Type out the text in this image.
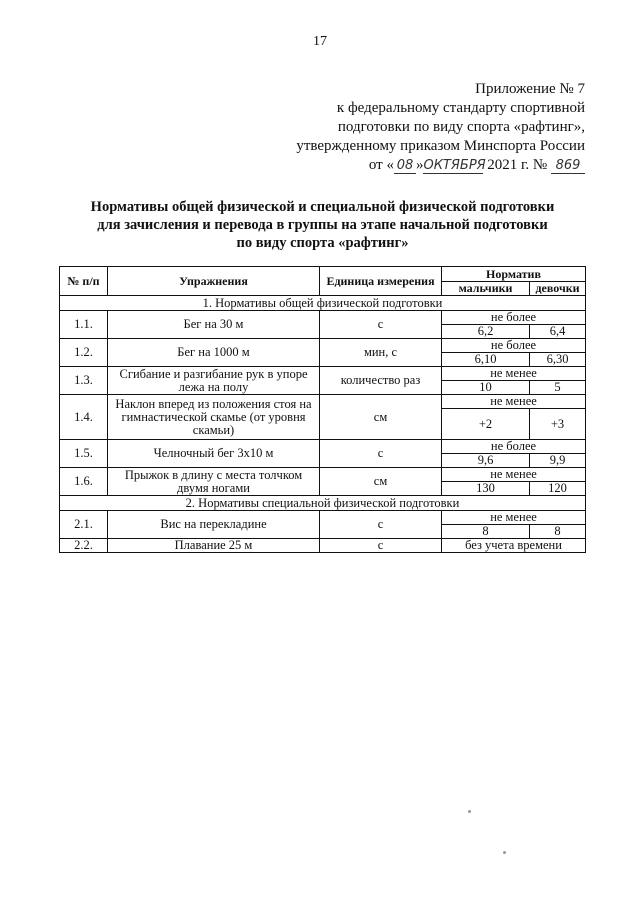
17
Приложение № 7
к федеральному стандарту спортивной
подготовки по виду спорта «рафтинг»,
утвержденному приказом Минспорта России
от « 08 »ОКТЯБРЯ 2021 г. № 869
Нормативы общей физической и специальной физической подготовки
для зачисления и перевода в группы на этапе начальной подготовки
по виду спорта «рафтинг»
№ п/п	Упражнения	Единица измерения	Норматив	
			мальчики	девочки
1. Нормативы общей физической подготовки				
1.1.	Бег на 30 м	с	не более	
			6,2	6,4
1.2.	Бег на 1000 м	мин, с	не более	
			6,10	6,30
1.3.	Сгибание и разгибание рук в упоре лежа на полу	количество раз	не менее	
			10	5
1.4.	Наклон вперед из положения стоя на гимнастической скамье (от уровня скамьи)	см	не менее	
			+2	+3
1.5.	Челночный бег 3x10 м	с	не более	
			9,6	9,9
1.6.	Прыжок в длину с места толчком двумя ногами	см	не менее	
			130	120
2. Нормативы специальной физической подготовки				
2.1.	Вис на перекладине	с	не менее	
			8	8
2.2.	Плавание 25 м	с	без учета времени	
